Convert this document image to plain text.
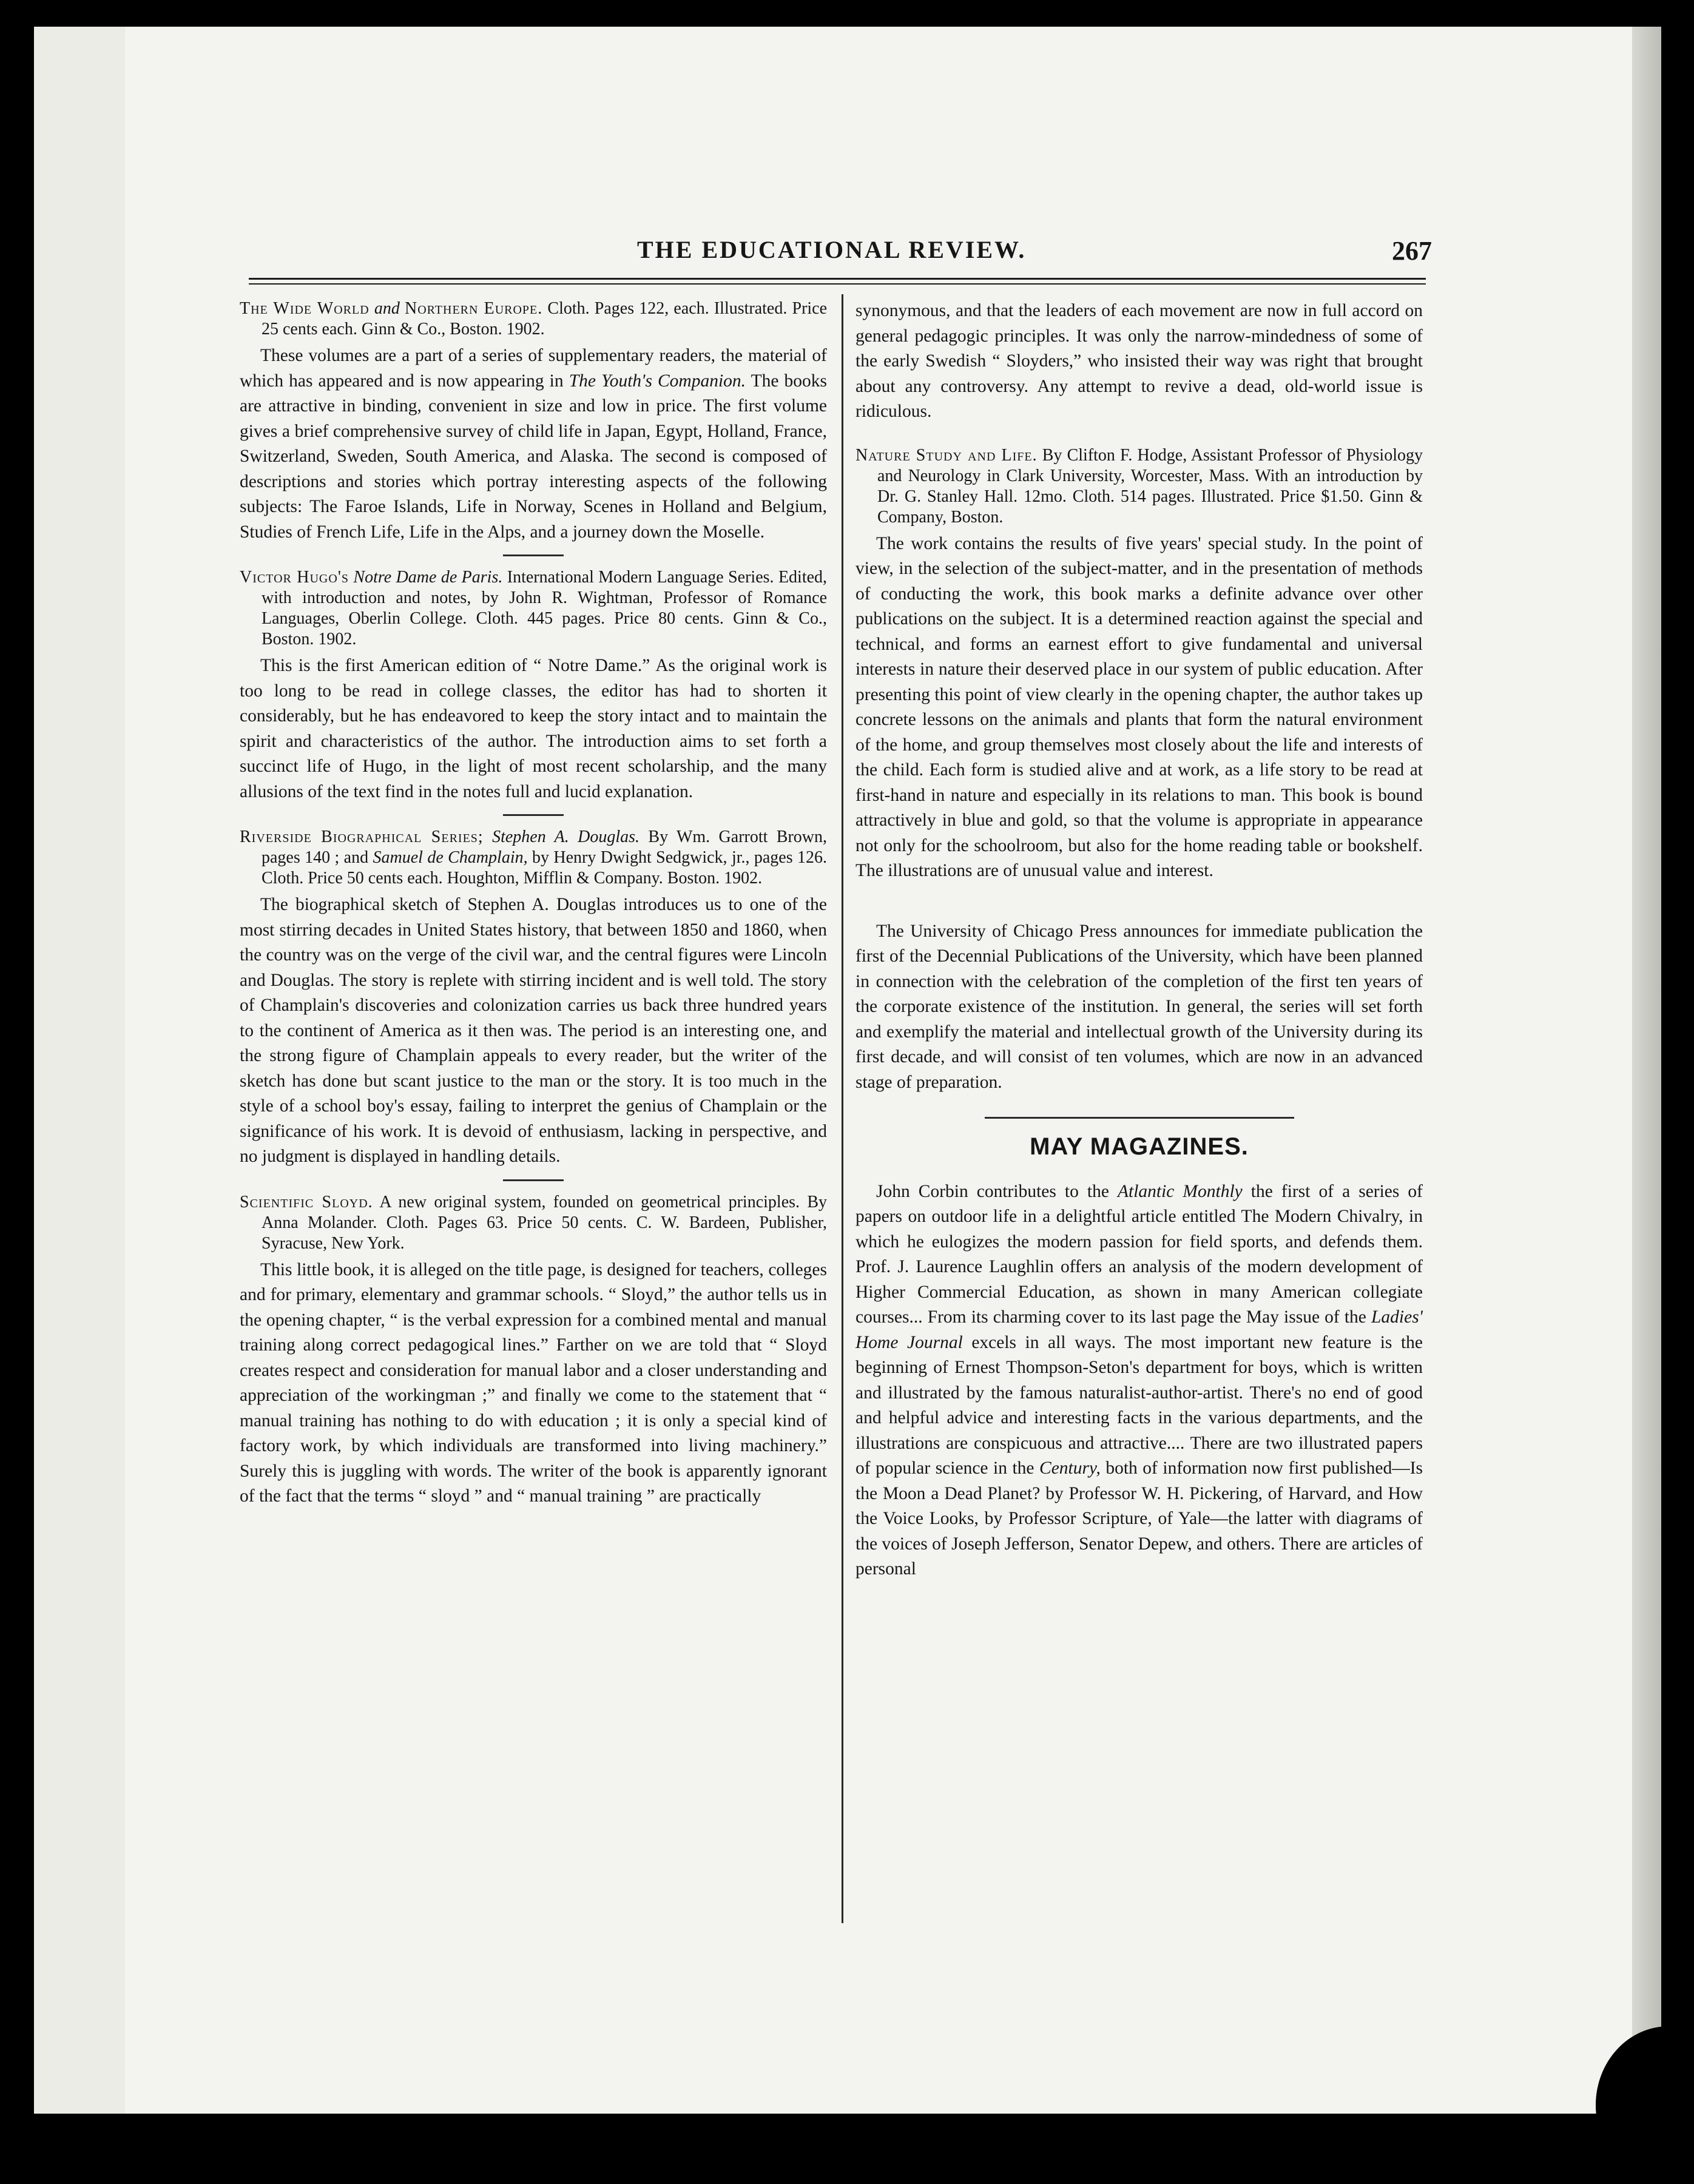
THE EDUCATIONAL REVIEW.	267
The Wide World and Northern Europe. Cloth. Pages 122, each. Illustrated. Price 25 cents each. Ginn & Co., Boston. 1902.

These volumes are a part of a series of supplementary readers, the material of which has appeared and is now appearing in The Youth's Companion. The books are attractive in binding, convenient in size and low in price. The first volume gives a brief comprehensive survey of child life in Japan, Egypt, Holland, France, Switzerland, Sweden, South America, and Alaska. The second is composed of descriptions and stories which portray interesting aspects of the following subjects: The Faroe Islands, Life in Norway, Scenes in Holland and Belgium, Studies of French Life, Life in the Alps, and a journey down the Moselle.

Victor Hugo's Notre Dame de Paris. International Modern Language Series. Edited, with introduction and notes, by John R. Wightman, Professor of Romance Languages, Oberlin College. Cloth. 445 pages. Price 80 cents. Ginn & Co., Boston. 1902.

This is the first American edition of “ Notre Dame.” As the original work is too long to be read in college classes, the editor has had to shorten it considerably, but he has endeavored to keep the story intact and to maintain the spirit and characteristics of the author. The introduction aims to set forth a succinct life of Hugo, in the light of most recent scholarship, and the many allusions of the text find in the notes full and lucid explanation.

Riverside Biographical Series; Stephen A. Douglas. By Wm. Garrott Brown, pages 140 ; and Samuel de Champlain, by Henry Dwight Sedgwick, jr., pages 126. Cloth. Price 50 cents each. Houghton, Mifflin & Company. Boston. 1902.

The biographical sketch of Stephen A. Douglas introduces us to one of the most stirring decades in United States history, that between 1850 and 1860, when the country was on the verge of the civil war, and the central figures were Lincoln and Douglas. The story is replete with stirring incident and is well told. The story of Champlain's discoveries and colonization carries us back three hundred years to the continent of America as it then was. The period is an interesting one, and the strong figure of Champlain appeals to every reader, but the writer of the sketch has done but scant justice to the man or the story. It is too much in the style of a school boy's essay, failing to interpret the genius of Champlain or the significance of his work. It is devoid of enthusiasm, lacking in perspective, and no judgment is displayed in handling details.

Scientific Sloyd. A new original system, founded on geometrical principles. By Anna Molander. Cloth. Pages 63. Price 50 cents. C. W. Bardeen, Publisher, Syracuse, New York.

This little book, it is alleged on the title page, is designed for teachers, colleges and for primary, elementary and grammar schools. “ Sloyd,” the author tells us in the opening chapter, “ is the verbal expression for a combined mental and manual training along correct pedagogical lines.” Farther on we are told that “ Sloyd creates respect and consideration for manual labor and a closer understanding and appreciation of the workingman ;” and finally we come to the statement that “ manual training has nothing to do with education ; it is only a special kind of factory work, by which individuals are transformed into living machinery.” Surely this is juggling with words. The writer of the book is apparently ignorant of the fact that the terms “ sloyd ” and “ manual training ” are practically

synonymous, and that the leaders of each movement are now in full accord on general pedagogic principles. It was only the narrow-mindedness of some of the early Swedish “ Sloyders,” who insisted their way was right that brought about any controversy. Any attempt to revive a dead, old-world issue is ridiculous.

Nature Study and Life. By Clifton F. Hodge, Assistant Professor of Physiology and Neurology in Clark University, Worcester, Mass. With an introduction by Dr. G. Stanley Hall. 12mo. Cloth. 514 pages. Illustrated. Price $1.50. Ginn & Company, Boston.

The work contains the results of five years' special study. In the point of view, in the selection of the subject-matter, and in the presentation of methods of conducting the work, this book marks a definite advance over other publications on the subject. It is a determined reaction against the special and technical, and forms an earnest effort to give fundamental and universal interests in nature their deserved place in our system of public education. After presenting this point of view clearly in the opening chapter, the author takes up concrete lessons on the animals and plants that form the natural environment of the home, and group themselves most closely about the life and interests of the child. Each form is studied alive and at work, as a life story to be read at first-hand in nature and especially in its relations to man. This book is bound attractively in blue and gold, so that the volume is appropriate in appearance not only for the schoolroom, but also for the home reading table or bookshelf. The illustrations are of unusual value and interest.

The University of Chicago Press announces for immediate publication the first of the Decennial Publications of the University, which have been planned in connection with the celebration of the completion of the first ten years of the corporate existence of the institution. In general, the series will set forth and exemplify the material and intellectual growth of the University during its first decade, and will consist of ten volumes, which are now in an advanced stage of preparation.

MAY MAGAZINES.

John Corbin contributes to the Atlantic Monthly the first of a series of papers on outdoor life in a delightful article entitled The Modern Chivalry, in which he eulogizes the modern passion for field sports, and defends them. Prof. J. Laurence Laughlin offers an analysis of the modern development of Higher Commercial Education, as shown in many American collegiate courses... From its charming cover to its last page the May issue of the Ladies' Home Journal excels in all ways. The most important new feature is the beginning of Ernest Thompson-Seton's department for boys, which is written and illustrated by the famous naturalist-author-artist. There's no end of good and helpful advice and interesting facts in the various departments, and the illustrations are conspicuous and attractive.... There are two illustrated papers of popular science in the Century, both of information now first published—Is the Moon a Dead Planet? by Professor W. H. Pickering, of Harvard, and How the Voice Looks, by Professor Scripture, of Yale—the latter with diagrams of the voices of Joseph Jefferson, Senator Depew, and others. There are articles of personal
